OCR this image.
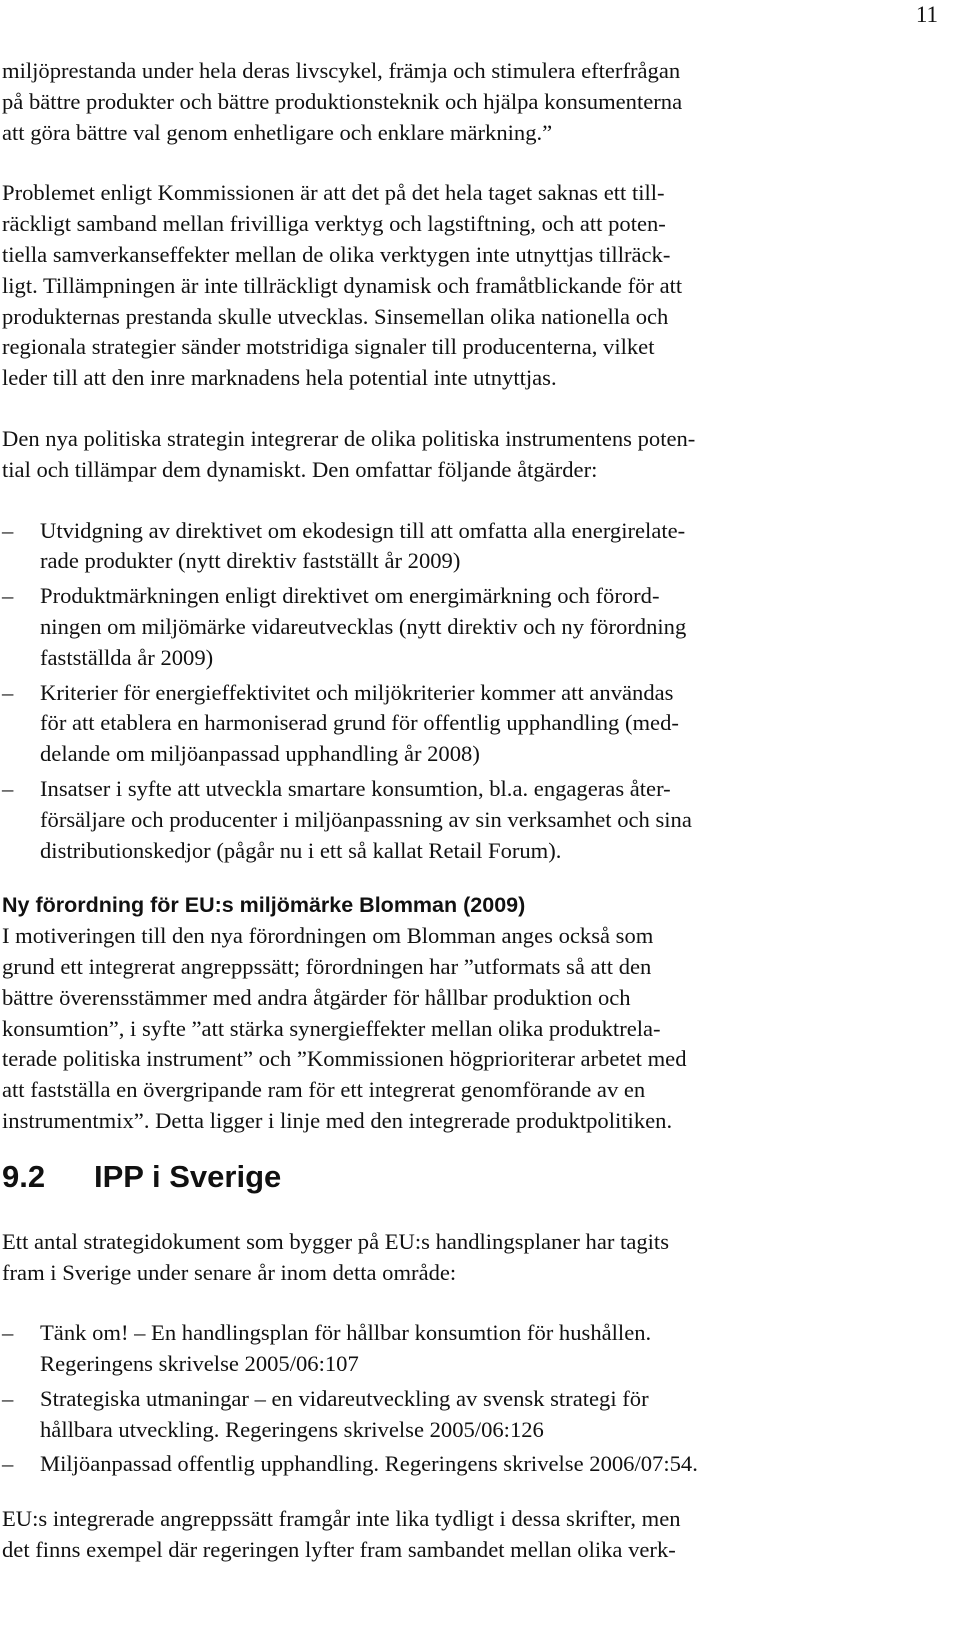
11
miljöprestanda under hela deras livscykel, främja och stimulera efterfrågan
på bättre produkter och bättre produktionsteknik och hjälpa konsumenterna
att göra bättre val genom enhetligare och enklare märkning.”
Problemet enligt Kommissionen är att det på det hela taget saknas ett till-
räckligt samband mellan frivilliga verktyg och lagstiftning, och att poten-
tiella samverkanseffekter mellan de olika verktygen inte utnyttjas tillräck-
ligt. Tillämpningen är inte tillräckligt dynamisk och framåtblickande för att
produkternas prestanda skulle utvecklas. Sinsemellan olika nationella och
regionala strategier sänder motstridiga signaler till producenterna, vilket
leder till att den inre marknadens hela potential inte utnyttjas.
Den nya politiska strategin integrerar de olika politiska instrumentens poten-
tial och tillämpar dem dynamiskt. Den omfattar följande åtgärder:
– Utvidgning av direktivet om ekodesign till att omfatta alla energirelate-
rade produkter (nytt direktiv fastställt år 2009)
– Produktmärkningen enligt direktivet om energimärkning och förord-
ningen om miljömärke vidareutvecklas (nytt direktiv och ny förordning
fastställda år 2009)
– Kriterier för energieffektivitet och miljökriterier kommer att användas
för att etablera en harmoniserad grund för offentlig upphandling (med-
delande om miljöanpassad upphandling år 2008)
– Insatser i syfte att utveckla smartare konsumtion, bl.a. engageras åter-
försäljare och producenter i miljöanpassning av sin verksamhet och sina
distributionskedjor (pågår nu i ett så kallat Retail Forum).
Ny förordning för EU:s miljömärke Blomman (2009)
I motiveringen till den nya förordningen om Blomman anges också som
grund ett integrerat angreppssätt; förordningen har ”utformats så att den
bättre överensstämmer med andra åtgärder för hållbar produktion och
konsumtion”, i syfte ”att stärka synergieffekter mellan olika produktrela-
terade politiska instrument” och ”Kommissionen högprioriterar arbetet med
att fastställa en övergripande ram för ett integrerat genomförande av en
instrumentmix”. Detta ligger i linje med den integrerade produktpolitiken.
9.2 IPP i Sverige
Ett antal strategidokument som bygger på EU:s handlingsplaner har tagits
fram i Sverige under senare år inom detta område:
– Tänk om! – En handlingsplan för hållbar konsumtion för hushållen.
Regeringens skrivelse 2005/06:107
– Strategiska utmaningar – en vidareutveckling av svensk strategi för
hållbara utveckling. Regeringens skrivelse 2005/06:126
– Miljöanpassad offentlig upphandling. Regeringens skrivelse 2006/07:54.
EU:s integrerade angreppssätt framgår inte lika tydligt i dessa skrifter, men
det finns exempel där regeringen lyfter fram sambandet mellan olika verk-
